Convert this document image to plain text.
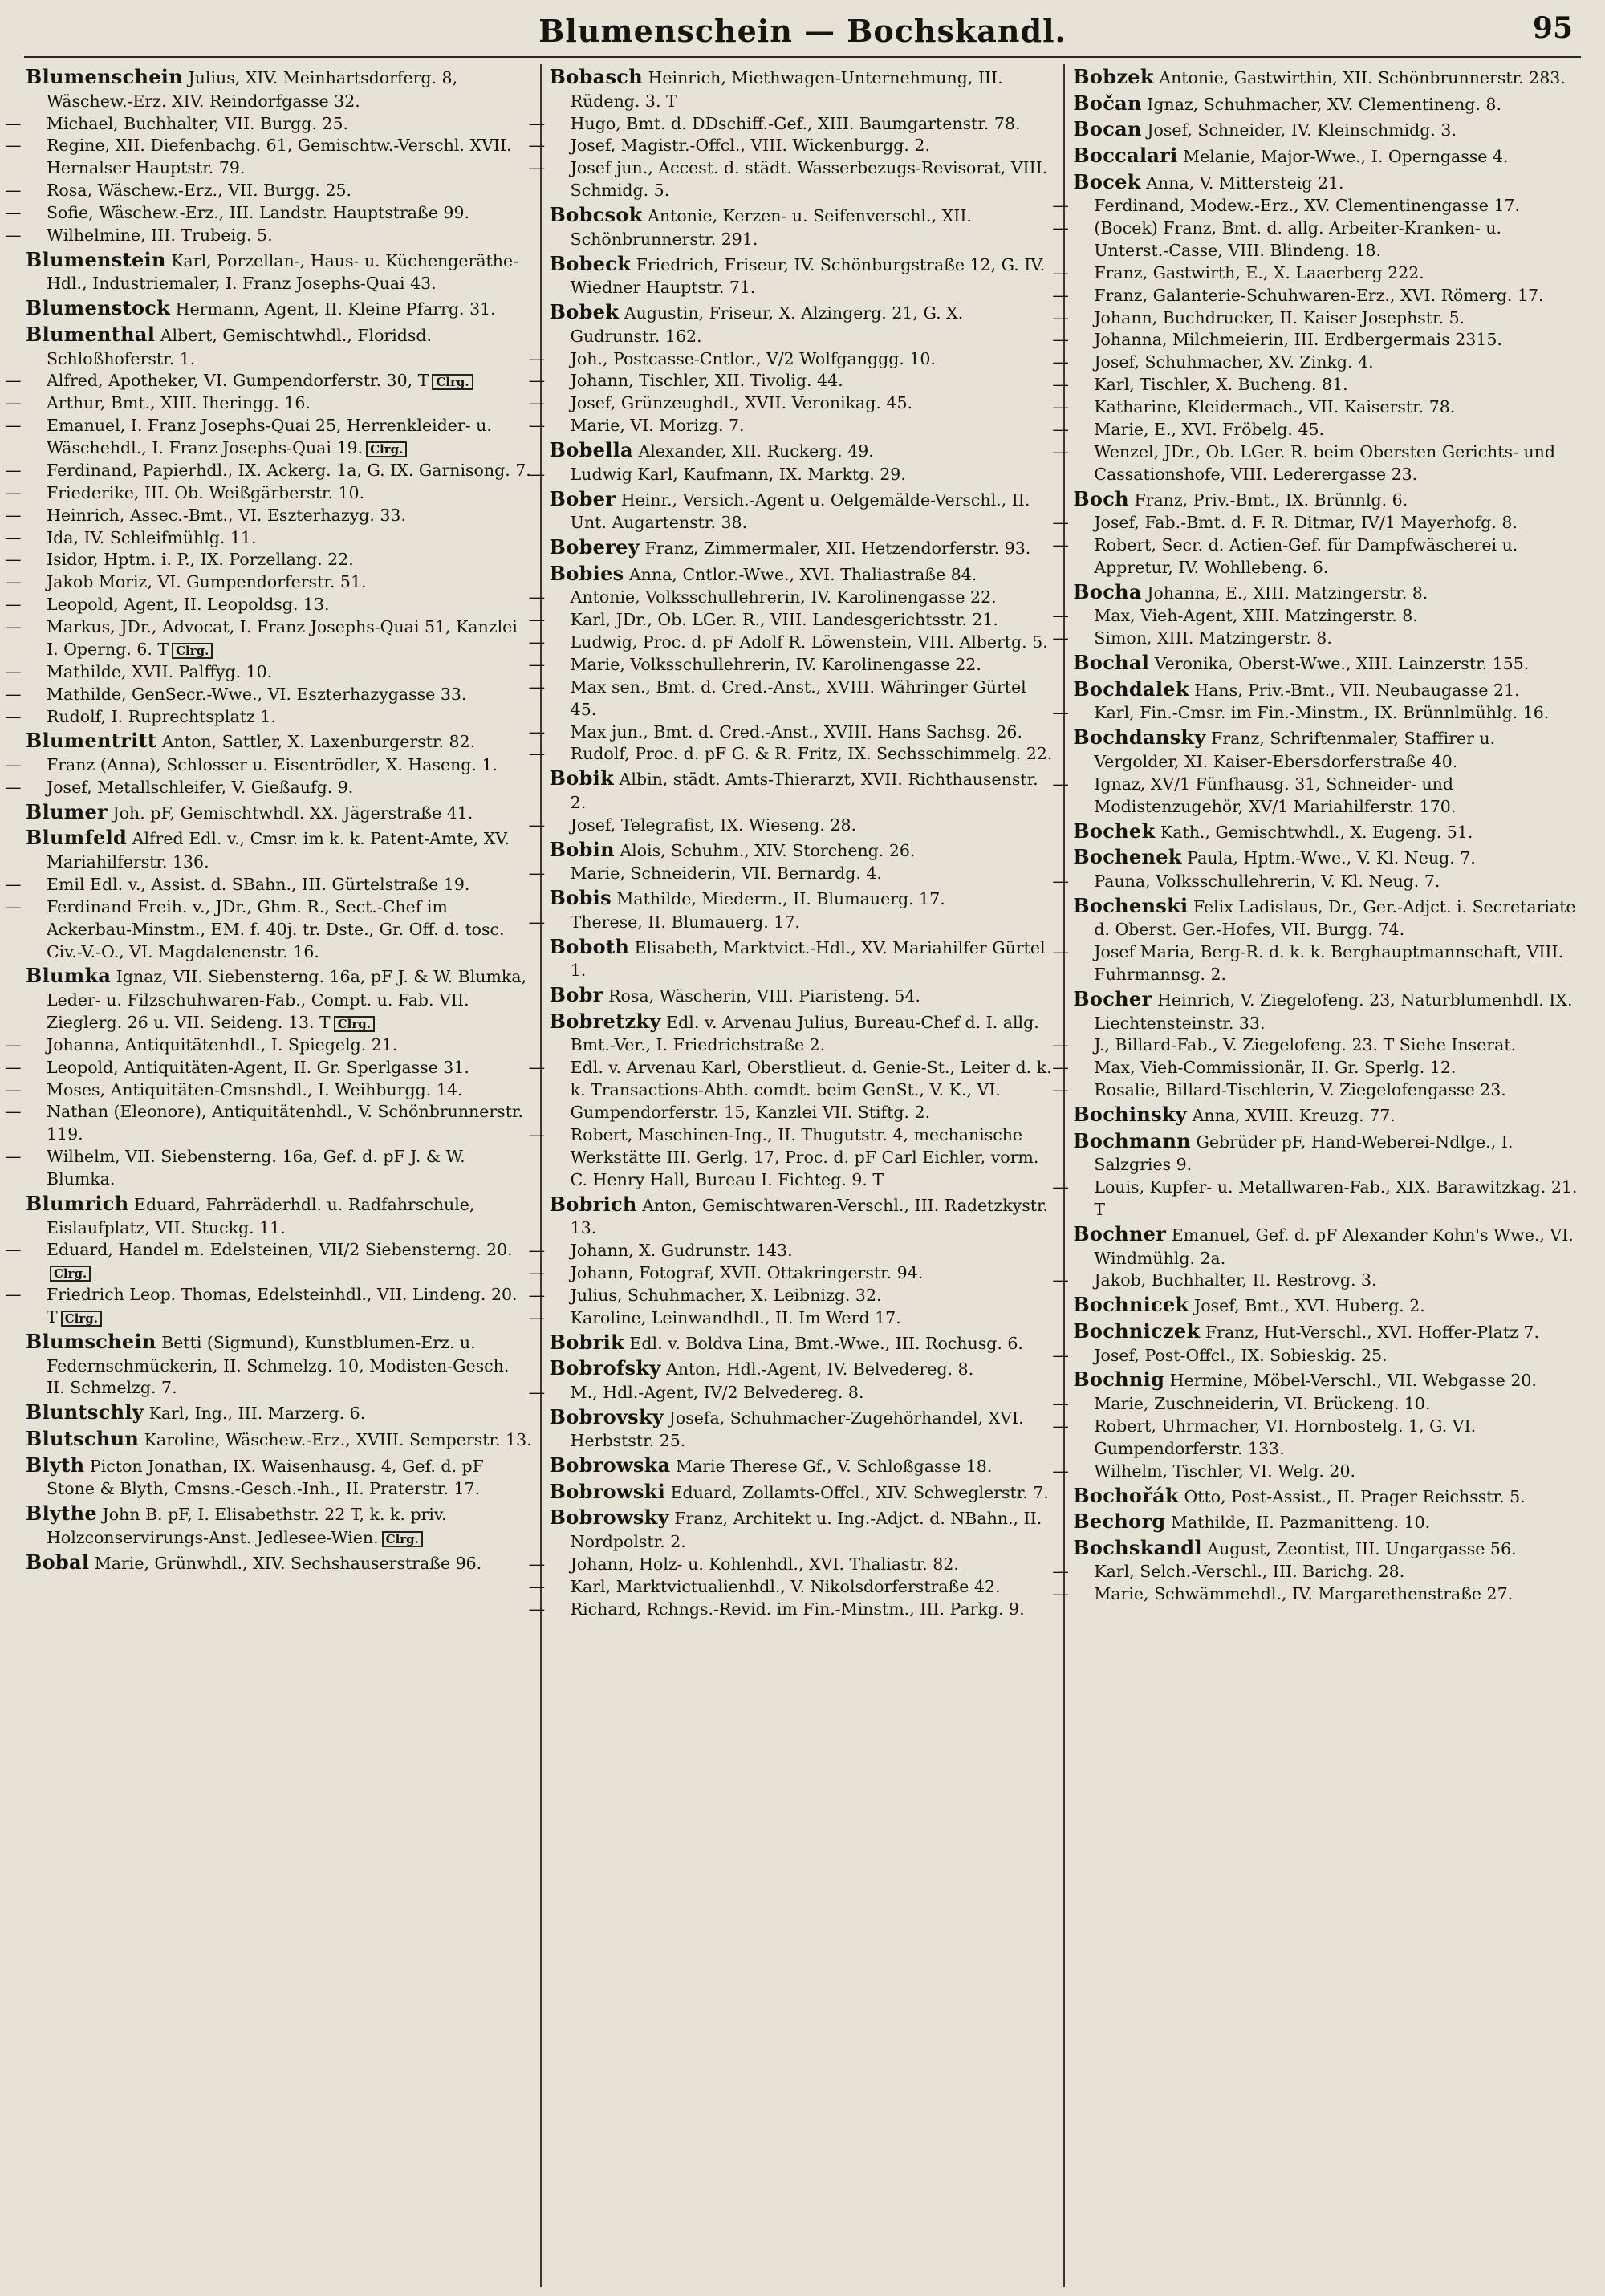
Blumenschein — Bochskandl.	95

Blumenschein Julius, XIV. Meinhartsdorferg. 8, Wäschew.-Erz. XIV. Reindorfgasse 32.

— Michael, Buchhalter, VII. Burgg. 25.

— Regine, XII. Diefenbachg. 61, Gemischtw.-Verschl. XVII. Hernalser Hauptstr. 79.

— Rosa, Wäschew.-Erz., VII. Burgg. 25.

— Sofie, Wäschew.-Erz., III. Landstr. Hauptstraße 99.

— Wilhelmine, III. Trubeig. 5.

Blumenstein Karl, Porzellan-, Haus- u. Küchengeräthe-Hdl., Industriemaler, I. Franz Josephs-Quai 43.

Blumenstock Hermann, Agent, II. Kleine Pfarrg. 31.

Blumenthal Albert, Gemischtwhdl., Floridsd. Schloßhoferstr. 1.

— Alfred, Apotheker, VI. Gumpendorferstr. 30, T Clrg.

— Arthur, Bmt., XIII. Iheringg. 16.

— Emanuel, I. Franz Josephs-Quai 25, Herrenkleider- u. Wäschehdl., I. Franz Josephs-Quai 19. Clrg.

— Ferdinand, Papierhdl., IX. Ackerg. 1a, G. IX. Garnisong. 7.

— Friederike, III. Ob. Weißgärberstr. 10.

— Heinrich, Assec.-Bmt., VI. Eszterhazyg. 33.

— Ida, IV. Schleifmühlg. 11.

— Isidor, Hptm. i. P., IX. Porzellang. 22.

— Jakob Moriz, VI. Gumpendorferstr. 51.

— Leopold, Agent, II. Leopoldsg. 13.

— Markus, JDr., Advocat, I. Franz Josephs-Quai 51, Kanzlei I. Operng. 6. T Clrg.

— Mathilde, XVII. Palffyg. 10.

— Mathilde, GenSecr.-Wwe., VI. Eszterhazygasse 33.

— Rudolf, I. Ruprechtsplatz 1.

Blumentritt Anton, Sattler, X. Laxenburgerstr. 82.

— Franz (Anna), Schlosser u. Eisentrödler, X. Haseng. 1.

— Josef, Metallschleifer, V. Gießaufg. 9.

Blumer Joh. pF, Gemischtwhdl. XX. Jägerstraße 41.

Blumfeld Alfred Edl. v., Cmsr. im k. k. Patent-Amte, XV. Mariahilferstr. 136.

— Emil Edl. v., Assist. d. SBahn., III. Gürtelstraße 19.

— Ferdinand Freih. v., JDr., Ghm. R., Sect.-Chef im Ackerbau-Minstm., EM. f. 40j. tr. Dste., Gr. Off. d. tosc. Civ.-V.-O., VI. Magdalenenstr. 16.

Blumka Ignaz, VII. Siebensterng. 16a, pF J. & W. Blumka, Leder- u. Filzschuhwaren-Fab., Compt. u. Fab. VII. Zieglerg. 26 u. VII. Seideng. 13. T Clrg.

— Johanna, Antiquitätenhdl., I. Spiegelg. 21.

— Leopold, Antiquitäten-Agent, II. Gr. Sperlgasse 31.

— Moses, Antiquitäten-Cmsnshdl., I. Weihburgg. 14.

— Nathan (Eleonore), Antiquitätenhdl., V. Schönbrunnerstr. 119.

— Wilhelm, VII. Siebensterng. 16a, Gef. d. pF J. & W. Blumka.

Blumrich Eduard, Fahrräderhdl. u. Radfahrschule, Eislaufplatz, VII. Stuckg. 11.

— Eduard, Handel m. Edelsteinen, VII/2 Siebensterng. 20.Clrg.

— Friedrich Leop. Thomas, Edelsteinhdl., VII. Lindeng. 20. T Clrg.

Blumschein Betti (Sigmund), Kunstblumen-Erz. u. Federnschmückerin, II. Schmelzg. 10, Modisten-Gesch. II. Schmelzg. 7.

Bluntschly Karl, Ing., III. Marzerg. 6.

Blutschun Karoline, Wäschew.-Erz., XVIII. Semperstr. 13.

Blyth Picton Jonathan, IX. Waisenhausg. 4, Gef. d. pF Stone & Blyth, Cmsns.-Gesch.-Inh., II. Praterstr. 17.

Blythe John B. pF, I. Elisabethstr. 22 T, k. k. priv. Holzconservirungs-Anst. Jedlesee-Wien. Clrg.

Bobal Marie, Grünwhdl., XIV. Sechshauserstraße 96.

Bobasch Heinrich, Miethwagen-Unternehmung, III. Rüdeng. 3. T

— Hugo, Bmt. d. DDschiff.-Gef., XIII. Baumgartenstr. 78.

— Josef, Magistr.-Offcl., VIII. Wickenburgg. 2.

— Josef jun., Accest. d. städt. Wasserbezugs-Revisorat, VIII. Schmidg. 5.

Bobcsok Antonie, Kerzen- u. Seifenverschl., XII. Schönbrunnerstr. 291.

Bobeck Friedrich, Friseur, IV. Schönburgstraße 12, G. IV. Wiedner Hauptstr. 71.

Bobek Augustin, Friseur, X. Alzingerg. 21, G. X. Gudrunstr. 162.

— Joh., Postcasse-Cntlor., V/2 Wolfganggg. 10.

— Johann, Tischler, XII. Tivolig. 44.

— Josef, Grünzeughdl., XVII. Veronikag. 45.

— Marie, VI. Morizg. 7.

Bobella Alexander, XII. Ruckerg. 49.

— Ludwig Karl, Kaufmann, IX. Marktg. 29.

Bober Heinr., Versich.-Agent u. Oelgemälde-Verschl., II. Unt. Augartenstr. 38.

Boberey Franz, Zimmermaler, XII. Hetzendorferstr. 93.

Bobies Anna, Cntlor.-Wwe., XVI. Thaliastraße 84.

— Antonie, Volksschullehrerin, IV. Karolinengasse 22.

— Karl, JDr., Ob. LGer. R., VIII. Landesgerichtsstr. 21.

— Ludwig, Proc. d. pF Adolf R. Löwenstein, VIII. Albertg. 5.

— Marie, Volksschullehrerin, IV. Karolinengasse 22.

— Max sen., Bmt. d. Cred.-Anst., XVIII. Währinger Gürtel 45.

— Max jun., Bmt. d. Cred.-Anst., XVIII. Hans Sachsg. 26.

— Rudolf, Proc. d. pF G. & R. Fritz, IX. Sechsschimmelg. 22.

Bobik Albin, städt. Amts-Thierarzt, XVII. Richthausenstr. 2.

— Josef, Telegrafist, IX. Wieseng. 28.

Bobin Alois, Schuhm., XIV. Storcheng. 26.

— Marie, Schneiderin, VII. Bernardg. 4.

Bobis Mathilde, Miederm., II. Blumauerg. 17.

— Therese, II. Blumauerg. 17.

Boboth Elisabeth, Marktvict.-Hdl., XV. Mariahilfer Gürtel 1.

Bobr Rosa, Wäscherin, VIII. Piaristeng. 54.

Bobretzky Edl. v. Arvenau Julius, Bureau-Chef d. I. allg. Bmt.-Ver., I. Friedrichstraße 2.

— Edl. v. Arvenau Karl, Oberstlieut. d. Genie-St., Leiter d. k. k. Transactions-Abth. comdt. beim GenSt., V. K., VI. Gumpendorferstr. 15, Kanzlei VII. Stiftg. 2.

— Robert, Maschinen-Ing., II. Thugutstr. 4, mechanische Werkstätte III. Gerlg. 17, Proc. d. pF Carl Eichler, vorm. C. Henry Hall, Bureau I. Fichteg. 9. T

Bobrich Anton, Gemischtwaren-Verschl., III. Radetzkystr. 13.

— Johann, X. Gudrunstr. 143.

— Johann, Fotograf, XVII. Ottakringerstr. 94.

— Julius, Schuhmacher, X. Leibnizg. 32.

— Karoline, Leinwandhdl., II. Im Werd 17.

Bobrik Edl. v. Boldva Lina, Bmt.-Wwe., III. Rochusg. 6.

Bobrofsky Anton, Hdl.-Agent, IV. Belvedereg. 8.

— M., Hdl.-Agent, IV/2 Belvedereg. 8.

Bobrovsky Josefa, Schuhmacher-Zugehörhandel, XVI. Herbststr. 25.

Bobrowska Marie Therese Gf., V. Schloßgasse 18.

Bobrowski Eduard, Zollamts-Offcl., XIV. Schweglerstr. 7.

Bobrowsky Franz, Architekt u. Ing.-Adjct. d. NBahn., II. Nordpolstr. 2.

— Johann, Holz- u. Kohlenhdl., XVI. Thaliastr. 82.

— Karl, Marktvictualienhdl., V. Nikolsdorferstraße 42.

— Richard, Rchngs.-Revid. im Fin.-Minstm., III. Parkg. 9.

Bobzek Antonie, Gastwirthin, XII. Schönbrunnerstr. 283.

Bočan Ignaz, Schuhmacher, XV. Clementineng. 8.

Bocan Josef, Schneider, IV. Kleinschmidg. 3.

Boccalari Melanie, Major-Wwe., I. Operngasse 4.

Bocek Anna, V. Mittersteig 21.

— Ferdinand, Modew.-Erz., XV. Clementinengasse 17.

— (Bocek) Franz, Bmt. d. allg. Arbeiter-Kranken- u. Unterst.-Casse, VIII. Blindeng. 18.

— Franz, Gastwirth, E., X. Laaerberg 222.

— Franz, Galanterie-Schuhwaren-Erz., XVI. Römerg. 17.

— Johann, Buchdrucker, II. Kaiser Josephstr. 5.

— Johanna, Milchmeierin, III. Erdbergermais 2315.

— Josef, Schuhmacher, XV. Zinkg. 4.

— Karl, Tischler, X. Bucheng. 81.

— Katharine, Kleidermach., VII. Kaiserstr. 78.

— Marie, E., XVI. Fröbelg. 45.

— Wenzel, JDr., Ob. LGer. R. beim Obersten Gerichts- und Cassationshofe, VIII. Lederergasse 23.

Boch Franz, Priv.-Bmt., IX. Brünnlg. 6.

— Josef, Fab.-Bmt. d. F. R. Ditmar, IV/1 Mayerhofg. 8.

— Robert, Secr. d. Actien-Gef. für Dampfwäscherei u. Appretur, IV. Wohllebeng. 6.

Bocha Johanna, E., XIII. Matzingerstr. 8.

— Max, Vieh-Agent, XIII. Matzingerstr. 8.

— Simon, XIII. Matzingerstr. 8.

Bochal Veronika, Oberst-Wwe., XIII. Lainzerstr. 155.

Bochdalek Hans, Priv.-Bmt., VII. Neubaugasse 21.

— Karl, Fin.-Cmsr. im Fin.-Minstm., IX. Brünnlmühlg. 16.

Bochdansky Franz, Schriftenmaler, Staffirer u. Vergolder, XI. Kaiser-Ebersdorferstraße 40.

— Ignaz, XV/1 Fünfhausg. 31, Schneider- und Modistenzugehör, XV/1 Mariahilferstr. 170.

Bochek Kath., Gemischtwhdl., X. Eugeng. 51.

Bochenek Paula, Hptm.-Wwe., V. Kl. Neug. 7.

— Pauna, Volksschullehrerin, V. Kl. Neug. 7.

Bochenski Felix Ladislaus, Dr., Ger.-Adjct. i. Secretariate d. Oberst. Ger.-Hofes, VII. Burgg. 74.

— Josef Maria, Berg-R. d. k. k. Berghauptmannschaft, VIII. Fuhrmannsg. 2.

Bocher Heinrich, V. Ziegelofeng. 23, Naturblumenhdl. IX. Liechtensteinstr. 33.

— J., Billard-Fab., V. Ziegelofeng. 23. T Siehe Inserat.

— Max, Vieh-Commissionär, II. Gr. Sperlg. 12.

— Rosalie, Billard-Tischlerin, V. Ziegelofengasse 23.

Bochinsky Anna, XVIII. Kreuzg. 77.

Bochmann Gebrüder pF, Hand-Weberei-Ndlge., I. Salzgries 9.

— Louis, Kupfer- u. Metallwaren-Fab., XIX. Barawitzkag. 21. T

Bochner Emanuel, Gef. d. pF Alexander Kohn's Wwe., VI. Windmühlg. 2a.

— Jakob, Buchhalter, II. Restrovg. 3.

Bochnicek Josef, Bmt., XVI. Huberg. 2.

Bochniczek Franz, Hut-Verschl., XVI. Hoffer-Platz 7.

— Josef, Post-Offcl., IX. Sobieskig. 25.

Bochnig Hermine, Möbel-Verschl., VII. Webgasse 20.

— Marie, Zuschneiderin, VI. Brückeng. 10.

— Robert, Uhrmacher, VI. Hornbostelg. 1, G. VI. Gumpendorferstr. 133.

— Wilhelm, Tischler, VI. Welg. 20.

Bochořák Otto, Post-Assist., II. Prager Reichsstr. 5.

Bechorg Mathilde, II. Pazmanitteng. 10.

Bochskandl August, Zeontist, III. Ungargasse 56.

— Karl, Selch.-Verschl., III. Barichg. 28.

— Marie, Schwämmehdl., IV. Margarethenstraße 27.
